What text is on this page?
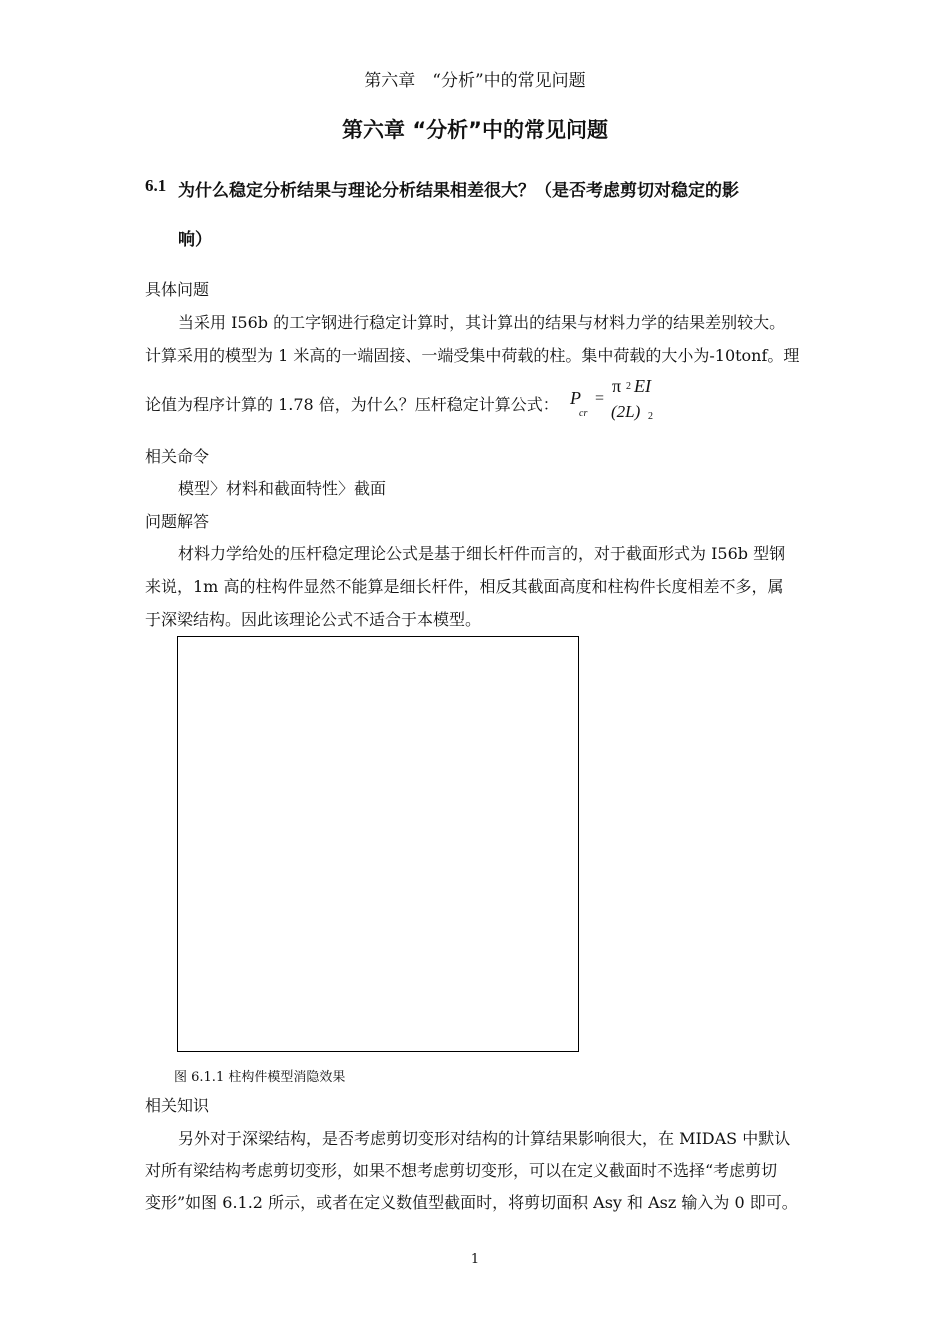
第六章　“分析”中的常见问题
第六章 “分析”中的常见问题
6.1 为什么稳定分析结果与理论分析结果相差很大？（是否考虑剪切对稳定的影
响）
具体问题
当采用 I56b 的工字钢进行稳定计算时，其计算出的结果与材料力学的结果差别较大。
计算采用的模型为 1 米高的一端固接、一端受集中荷载的柱。集中荷载的大小为-10tonf。理
论值为程序计算的 1.78 倍，为什么？压杆稳定计算公式： P
cr
=
π 2 EI
(2L) 2
相关命令
模型〉材料和截面特性〉截面
问题解答
材料力学给处的压杆稳定理论公式是基于细长杆件而言的，对于截面形式为 I56b 型钢
来说，1m 高的柱构件显然不能算是细长杆件，相反其截面高度和柱构件长度相差不多，属
于深梁结构。因此该理论公式不适合于本模型。
图 6.1.1 柱构件模型消隐效果
相关知识
另外对于深梁结构，是否考虑剪切变形对结构的计算结果影响很大，在 MIDAS 中默认
对所有梁结构考虑剪切变形，如果不想考虑剪切变形，可以在定义截面时不选择“考虑剪切
变形”如图 6.1.2 所示，或者在定义数值型截面时，将剪切面积 Asy 和 Asz 输入为 0 即可。
1
